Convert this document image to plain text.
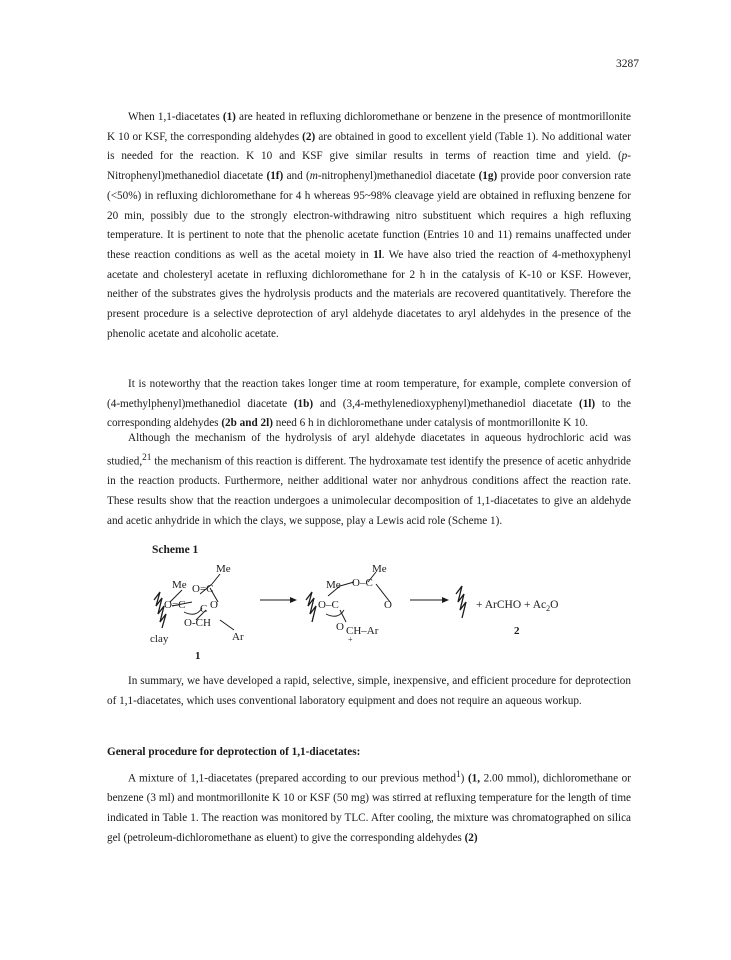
3287

When 1,1-diacetates (1) are heated in refluxing dichloromethane or benzene in the presence of montmorillonite K 10 or KSF, the corresponding aldehydes (2) are obtained in good to excellent yield (Table 1). No additional water is needed for the reaction. K 10 and KSF give similar results in terms of reaction time and yield. (p-Nitrophenyl)methanediol diacetate (1f) and (m-nitrophenyl)methanediol diacetate (1g) provide poor conversion rate (<50%) in refluxing dichloromethane for 4 h whereas 95~98% cleavage yield are obtained in refluxing benzene for 20 min, possibly due to the strongly electron-withdrawing nitro substituent which requires a high refluxing temperature. It is pertinent to note that the phenolic acetate function (Entries 10 and 11) remains unaffected under these reaction conditions as well as the acetal moiety in 1l. We have also tried the reaction of 4-methoxyphenyl acetate and cholesteryl acetate in refluxing dichloromethane for 2 h in the catalysis of K-10 or KSF. However, neither of the substrates gives the hydrolysis products and the materials are recovered quantitatively. Therefore the present procedure is a selective deprotection of aryl aldehyde diacetates to aryl aldehydes in the presence of the phenolic acetate and alcoholic acetate.

It is noteworthy that the reaction takes longer time at room temperature, for example, complete conversion of (4-methylphenyl)methanediol diacetate (1b) and (3,4-methylenedioxyphenyl)methanediol diacetate (1l) to the corresponding aldehydes (2b and 2l) need 6 h in dichloromethane under catalysis of montmorillonite K 10.

Although the mechanism of the hydrolysis of aryl aldehyde diacetates in aqueous hydrochloric acid was studied,$^{21}$ the mechanism of this reaction is different. The hydroxamate test identify the presence of acetic anhydride in the reaction products. Furthermore, neither additional water nor anhydrous conditions affect the reaction rate. These results show that the reaction undergoes a unimolecular decomposition of 1,1-diacetates to give an aldehyde and acetic anhydride in which the clays, we suppose, play a Lewis acid role (Scheme 1).

Scheme 1
Me
Me
O=C
O=C
O
C
O-CH
Ar
clay
1
Me
Me O–C
O–C	O
O CH–Ar
+
+ ArCHO + $Ac_2O$
2

In summary, we have developed a rapid, selective, simple, inexpensive, and efficient procedure for deprotection of 1,1-diacetates, which uses conventional laboratory equipment and does not require an aqueous workup.

General procedure for deprotection of 1,1-diacetates:

A mixture of 1,1-diacetates (prepared according to our previous method$^1$) (1, 2.00 mmol), dichloromethane or benzene (3 ml) and montmorillonite K 10 or KSF (50 mg) was stirred at refluxing temperature for the length of time indicated in Table 1. The reaction was monitored by TLC. After cooling, the mixture was chromatographed on silica gel (petroleum-dichloromethane as eluent) to give the corresponding aldehydes (2)
